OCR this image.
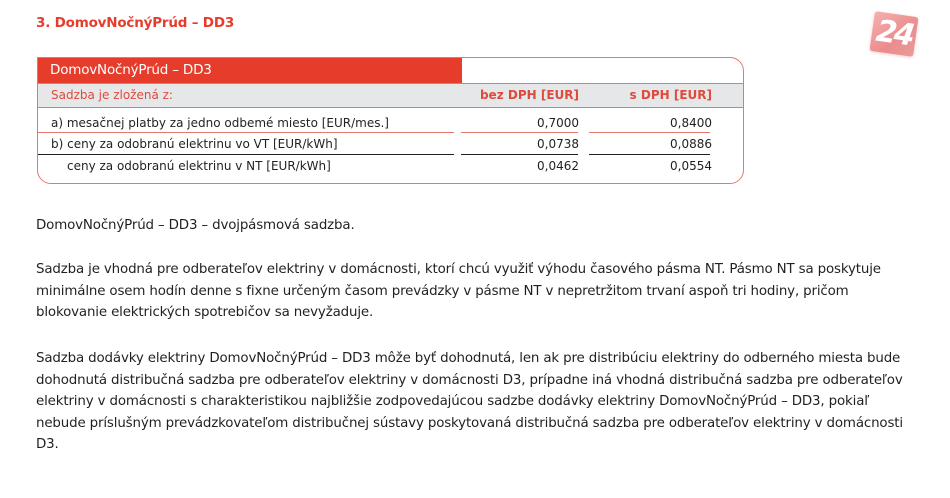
3. DomovNočnýPrúd – DD3	24
DomovNočnýPrúd – DD3
Sadzba je zložená z:	bez DPH [EUR]	s DPH [EUR]
a) mesačnej platby za jedno odbemé miesto [EUR/mes.]	0,7000	0,8400
b) ceny za odobranú elektrinu vo VT [EUR/kWh]	0,0738	0,0886
ceny za odobranú elektrinu v NT [EUR/kWh]	0,0462	0,0554

DomovNočnýPrúd – DD3 – dvojpásmová sadzba.

Sadzba je vhodná pre odberateľov elektriny v domácnosti, ktorí chcú využiť výhodu časového pásma NT. Pásmo NT sa poskytuje
minimálne osem hodín denne s fixne určeným časom prevádzky v pásme NT v nepretržitom trvaní aspoň tri hodiny, pričom
blokovanie elektrických spotrebičov sa nevyžaduje.

Sadzba dodávky elektriny DomovNočnýPrúd – DD3 môže byť dohodnutá, len ak pre distribúciu elektriny do odberného miesta bude
dohodnutá distribučná sadzba pre odberateľov elektriny v domácnosti D3, prípadne iná vhodná distribučná sadzba pre odberateľov
elektriny v domácnosti s charakteristikou najbližšie zodpovedajúcou sadzbe dodávky elektriny DomovNočnýPrúd – DD3, pokiaľ
nebude príslušným prevádzkovateľom distribučnej sústavy poskytovaná distribučná sadzba pre odberateľov elektriny v domácnosti
D3.
